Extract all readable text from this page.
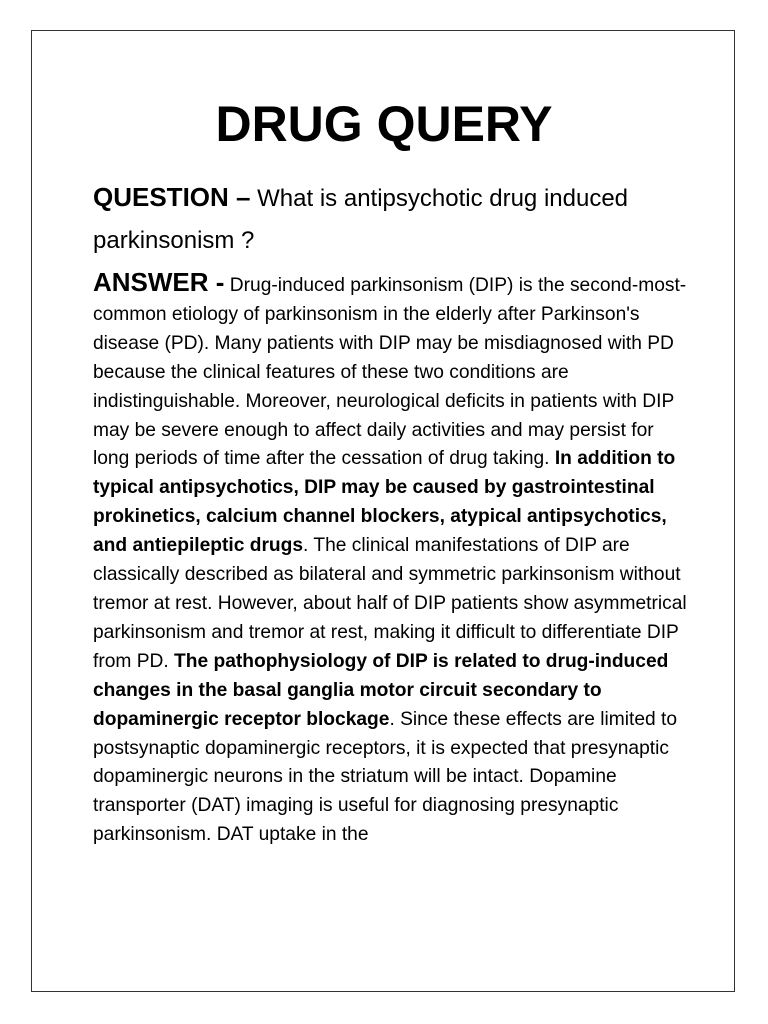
DRUG QUERY

QUESTION – What is antipsychotic drug induced parkinsonism ?

ANSWER - Drug-induced parkinsonism (DIP) is the second-most-common etiology of parkinsonism in the elderly after Parkinson's disease (PD). Many patients with DIP may be misdiagnosed with PD because the clinical features of these two conditions are indistinguishable. Moreover, neurological deficits in patients with DIP may be severe enough to affect daily activities and may persist for long periods of time after the cessation of drug taking. In addition to typical antipsychotics, DIP may be caused by gastrointestinal prokinetics, calcium channel blockers, atypical antipsychotics, and antiepileptic drugs. The clinical manifestations of DIP are classically described as bilateral and symmetric parkinsonism without tremor at rest. However, about half of DIP patients show asymmetrical parkinsonism and tremor at rest, making it difficult to differentiate DIP from PD. The pathophysiology of DIP is related to drug-induced changes in the basal ganglia motor circuit secondary to dopaminergic receptor blockage. Since these effects are limited to postsynaptic dopaminergic receptors, it is expected that presynaptic dopaminergic neurons in the striatum will be intact. Dopamine transporter (DAT) imaging is useful for diagnosing presynaptic parkinsonism. DAT uptake in the
